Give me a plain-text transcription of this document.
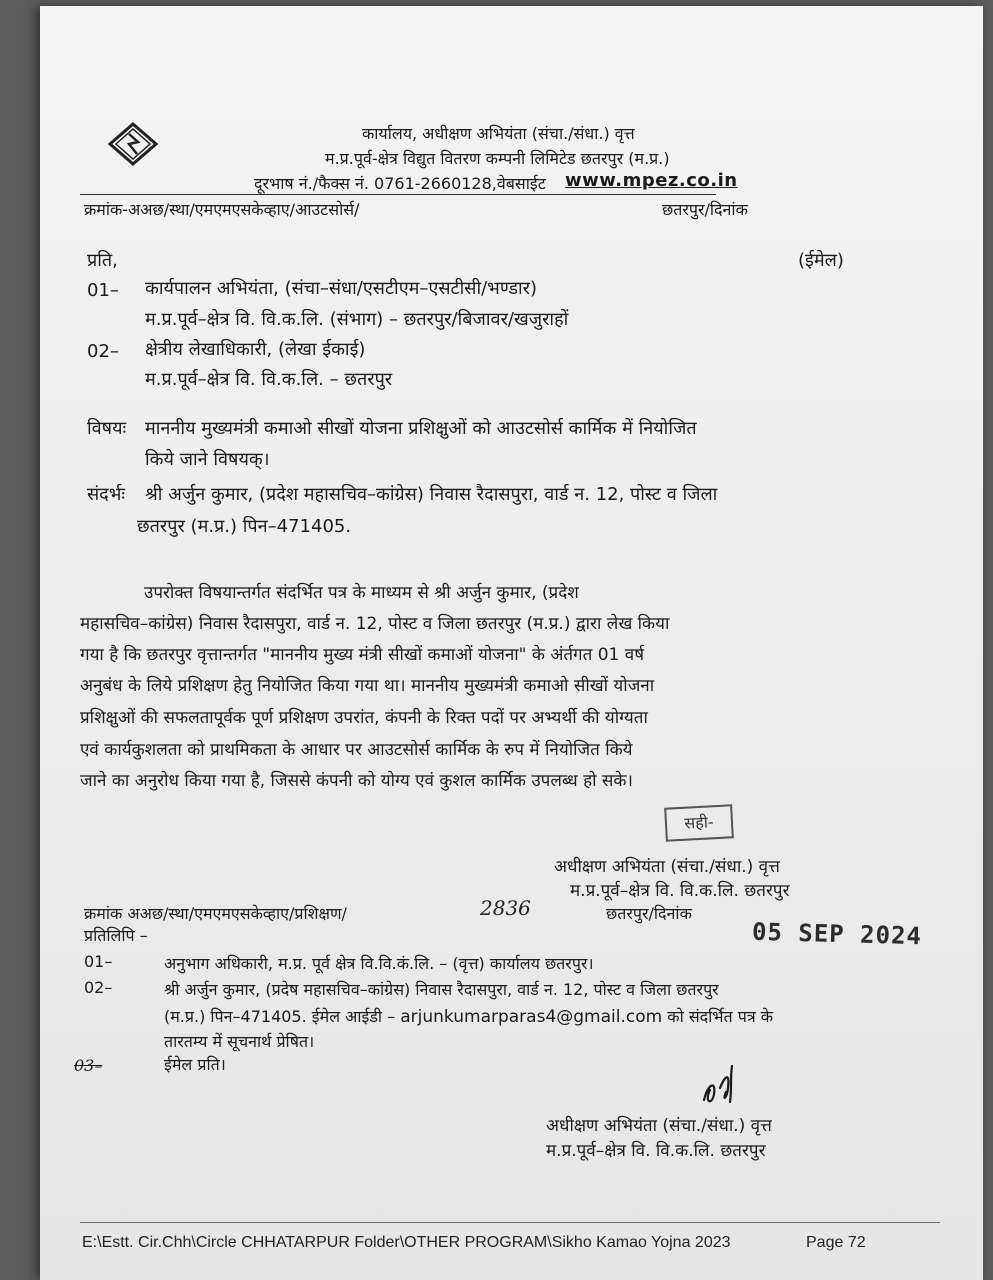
कार्यालय, अधीक्षण अभियंता (संचा./संधा.) वृत्त
म.प्र.पूर्व-क्षेत्र विद्युत वितरण कम्पनी लिमिटेड छतरपुर (म.प्र.)
दूरभाष नं./फैक्स नं. 0761-2660128,वेबसाईट www.mpez.co.in
क्रमांक-अअछ/स्था/एमएमएसकेव्हाए/आउटसोर्स/	छतरपुर/दिनांक
प्रति,	(ईमेल)
01– कार्यपालन अभियंता, (संचा–संधा/एसटीएम–एसटीसी/भण्डार)
म.प्र.पूर्व–क्षेत्र वि. वि.क.लि. (संभाग) – छतरपुर/बिजावर/खजुराहों
02– क्षेत्रीय लेखाधिकारी, (लेखा ईकाई)
म.प्र.पूर्व–क्षेत्र वि. वि.क.लि. – छतरपुर
विषयः माननीय मुख्यमंत्री कमाओ सीखों योजना प्रशिक्षुओं को आउटसोर्स कार्मिक में नियोजित
किये जाने विषयक्।
संदर्भः श्री अर्जुन कुमार, (प्रदेश महासचिव–कांग्रेस) निवास रैदासपुरा, वार्ड न. 12, पोस्ट व जिला
छतरपुर (म.प्र.) पिन–471405.
उपरोक्त विषयान्तर्गत संदर्भित पत्र के माध्यम से श्री अर्जुन कुमार, (प्रदेश
महासचिव–कांग्रेस) निवास रैदासपुरा, वार्ड न. 12, पोस्ट व जिला छतरपुर (म.प्र.) द्वारा लेख किया
गया है कि छतरपुर वृत्तान्तर्गत "माननीय मुख्य मंत्री सीखों कमाओं योजना" के अंर्तगत 01 वर्ष
अनुबंध के लिये प्रशिक्षण हेतु नियोजित किया गया था। माननीय मुख्यमंत्री कमाओ सीखों योजना
प्रशिक्षुओं की सफलतापूर्वक पूर्ण प्रशिक्षण उपरांत, कंपनी के रिक्त पदों पर अभ्यर्थी की योग्यता
एवं कार्यकुशलता को प्राथमिकता के आधार पर आउटसोर्स कार्मिक के रुप में नियोजित किये
जाने का अनुरोध किया गया है, जिससे कंपनी को योग्य एवं कुशल कार्मिक उपलब्ध हो सके।
सही-
अधीक्षण अभियंता (संचा./संधा.) वृत्त
म.प्र.पूर्व–क्षेत्र वि. वि.क.लि. छतरपुर
क्रमांक अअछ/स्था/एमएमएसकेव्हाए/प्रशिक्षण/	2836	छतरपुर/दिनांक
05 SEP 2024
प्रतिलिपि –
01–	अनुभाग अधिकारी, म.प्र. पूर्व क्षेत्र वि.वि.कं.लि. – (वृत्त) कार्यालय छतरपुर।
02–	श्री अर्जुन कुमार, (प्रदेष महासचिव–कांग्रेस) निवास रैदासपुरा, वार्ड न. 12, पोस्ट व जिला छतरपुर
(म.प्र.) पिन–471405. ईमेल आईडी – arjunkumarparas4@gmail.com को संदर्भित पत्र के
तारतम्य में सूचनार्थ प्रेषित।
03–	ईमेल प्रति।
अधीक्षण अभियंता (संचा./संधा.) वृत्त
म.प्र.पूर्व–क्षेत्र वि. वि.क.लि. छतरपुर
E:\Estt. Cir.Chh\Circle CHHATARPUR Folder\OTHER PROGRAM\Sikho Kamao Yojna 2023	Page 72
